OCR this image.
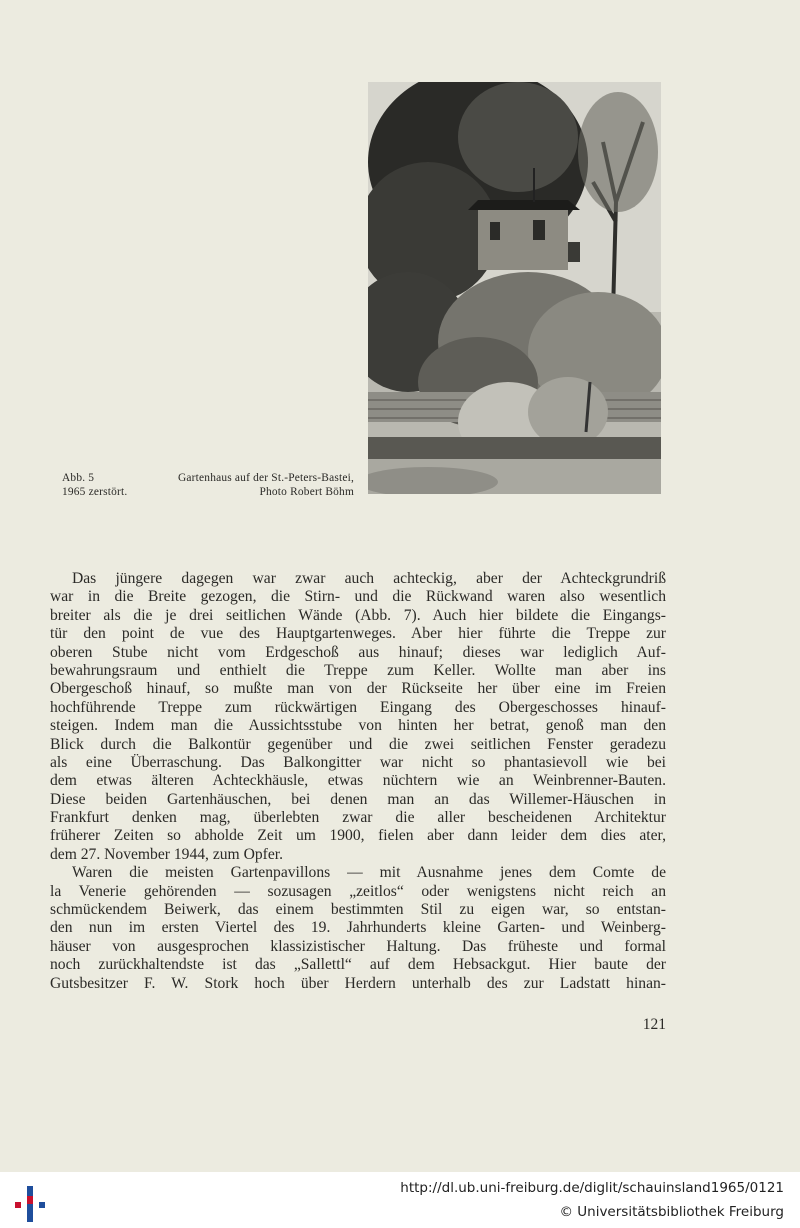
Abb. 5	Gartenhaus auf der St.-Peters-Bastei,
1965 zerstört.	Photo Robert Böhm
Das jüngere dagegen war zwar auch achteckig, aber der Achteckgrundriß
war in die Breite gezogen, die Stirn- und die Rückwand waren also wesentlich
breiter als die je drei seitlichen Wände (Abb. 7). Auch hier bildete die Eingangs-
tür den point de vue des Hauptgartenweges. Aber hier führte die Treppe zur
oberen Stube nicht vom Erdgeschoß aus hinauf; dieses war lediglich Auf-
bewahrungsraum und enthielt die Treppe zum Keller. Wollte man aber ins
Obergeschoß hinauf, so mußte man von der Rückseite her über eine im Freien
hochführende Treppe zum rückwärtigen Eingang des Obergeschosses hinauf-
steigen. Indem man die Aussichtsstube von hinten her betrat, genoß man den
Blick durch die Balkontür gegenüber und die zwei seitlichen Fenster geradezu
als eine Überraschung. Das Balkongitter war nicht so phantasievoll wie bei
dem etwas älteren Achteckhäusle, etwas nüchtern wie an Weinbrenner-Bauten.
Diese beiden Gartenhäuschen, bei denen man an das Willemer-Häuschen in
Frankfurt denken mag, überlebten zwar die aller bescheidenen Architektur
früherer Zeiten so abholde Zeit um 1900, fielen aber dann leider dem dies ater,
dem 27. November 1944, zum Opfer.
Waren die meisten Gartenpavillons — mit Ausnahme jenes dem Comte de
la Venerie gehörenden — sozusagen „zeitlos“ oder wenigstens nicht reich an
schmückendem Beiwerk, das einem bestimmten Stil zu eigen war, so entstan-
den nun im ersten Viertel des 19. Jahrhunderts kleine Garten- und Weinberg-
häuser von ausgesprochen klassizistischer Haltung. Das früheste und formal
noch zurückhaltendste ist das „Sallettl“ auf dem Hebsackgut. Hier baute der
Gutsbesitzer F. W. Stork hoch über Herdern unterhalb des zur Ladstatt hinan-
121
http://dl.ub.uni-freiburg.de/diglit/schauinsland1965/0121
© Universitätsbibliothek Freiburg
